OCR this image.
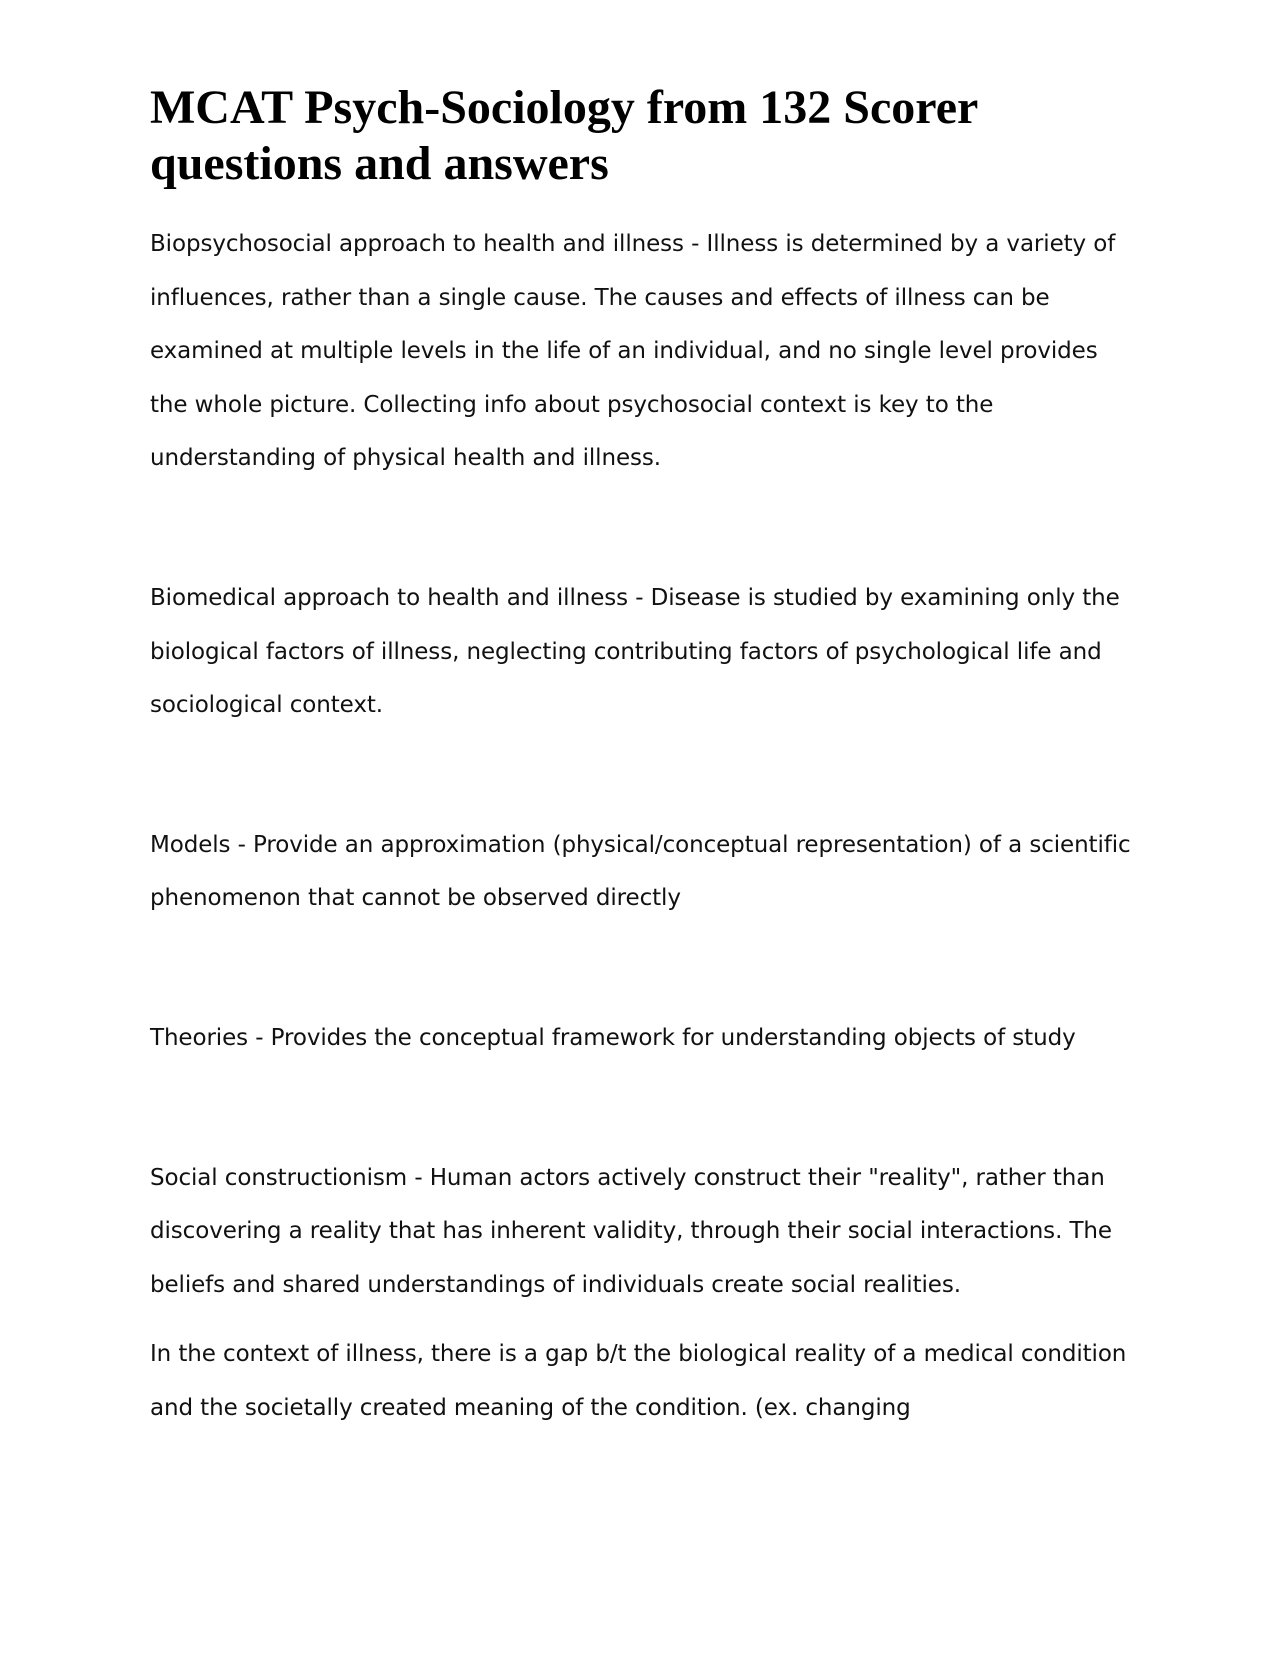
MCAT Psych-Sociology from 132 Scorer questions and answers

Biopsychosocial approach to health and illness - Illness is determined by a variety of influences, rather than a single cause. The causes and effects of illness can be examined at multiple levels in the life of an individual, and no single level provides the whole picture. Collecting info about psychosocial context is key to the understanding of physical health and illness.

Biomedical approach to health and illness - Disease is studied by examining only the biological factors of illness, neglecting contributing factors of psychological life and sociological context.

Models - Provide an approximation (physical/conceptual representation) of a scientific phenomenon that cannot be observed directly

Theories - Provides the conceptual framework for understanding objects of study

Social constructionism - Human actors actively construct their "reality", rather than discovering a reality that has inherent validity, through their social interactions. The beliefs and shared understandings of individuals create social realities.

In the context of illness, there is a gap b/t the biological reality of a medical condition and the societally created meaning of the condition. (ex. changing
